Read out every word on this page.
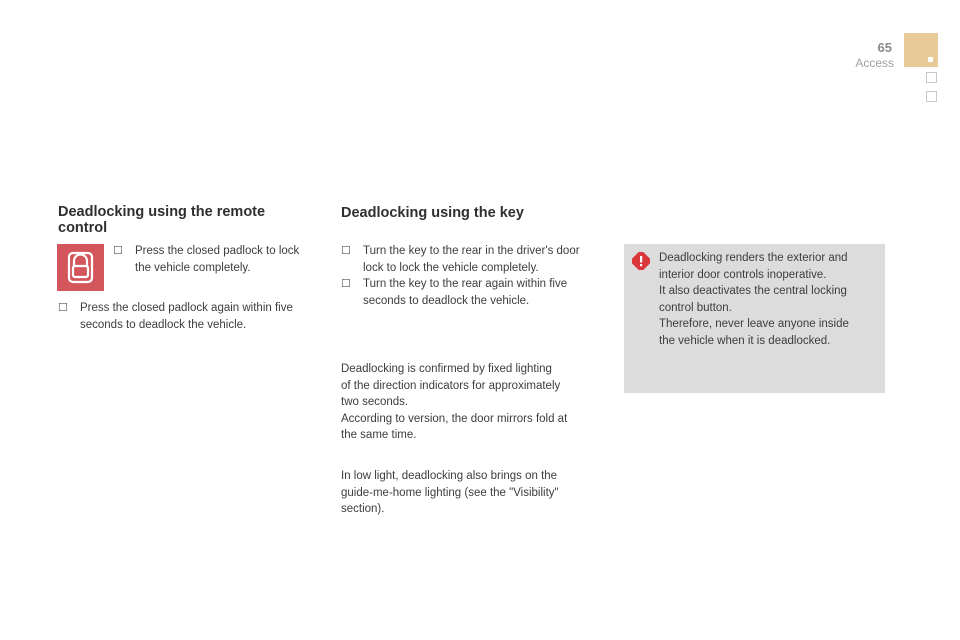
65
Access
Deadlocking using the remote
control
☐	Press the closed padlock to lock
the vehicle completely.
☐	Press the closed padlock again within five
seconds to deadlock the vehicle.
Deadlocking using the key
☐	Turn the key to the rear in the driver's door
lock to lock the vehicle completely.
☐	Turn the key to the rear again within five
seconds to deadlock the vehicle.
Deadlocking is confirmed by fixed lighting
of the direction indicators for approximately
two seconds.
According to version, the door mirrors fold at
the same time.
In low light, deadlocking also brings on the
guide-me-home lighting (see the "Visibility"
section).
Deadlocking renders the exterior and
interior door controls inoperative.
It also deactivates the central locking
control button.
Therefore, never leave anyone inside
the vehicle when it is deadlocked.
